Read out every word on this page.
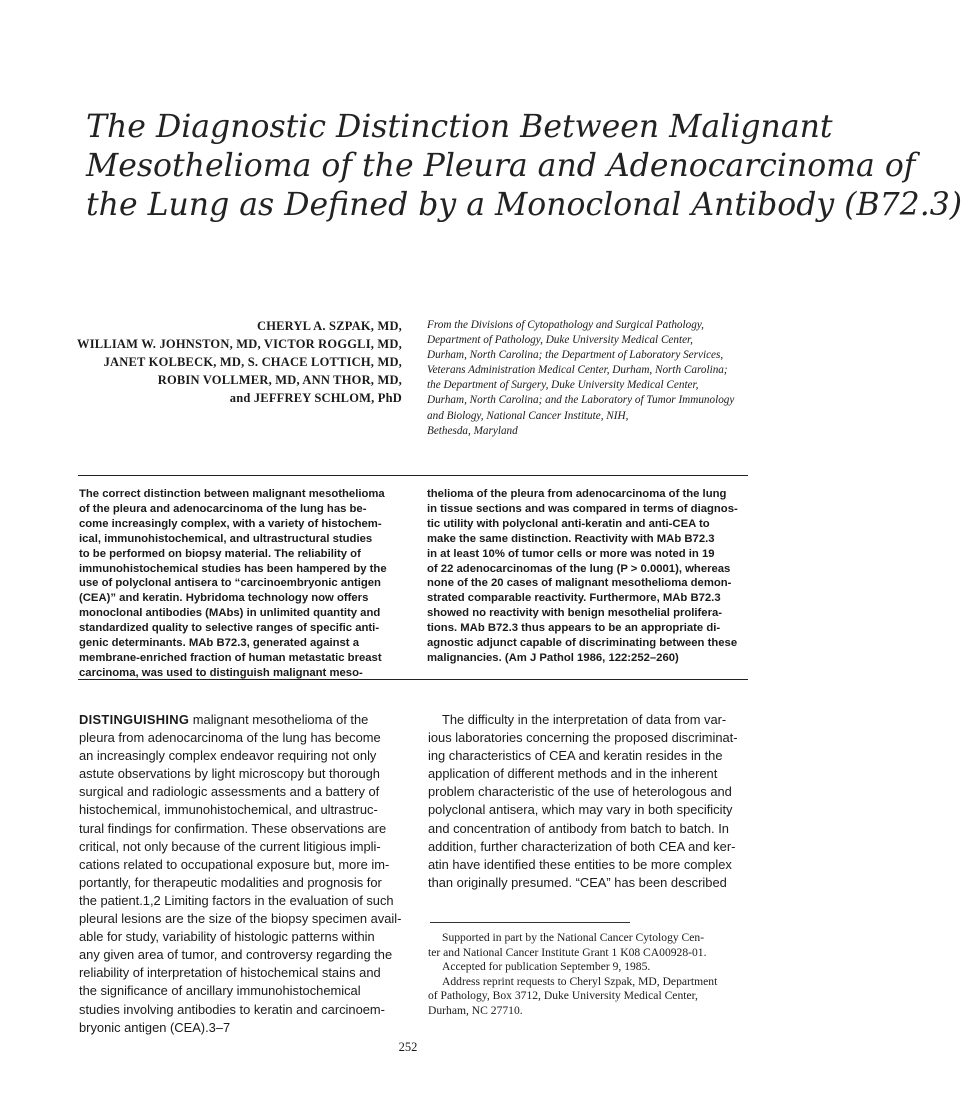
The Diagnostic Distinction Between Malignant
Mesothelioma of the Pleura and Adenocarcinoma of
the Lung as Defined by a Monoclonal Antibody (B72.3)
CHERYL A. SZPAK, MD,
WILLIAM W. JOHNSTON, MD, VICTOR ROGGLI, MD,
JANET KOLBECK, MD, S. CHACE LOTTICH, MD,
ROBIN VOLLMER, MD, ANN THOR, MD,
and JEFFREY SCHLOM, PhD
From the Divisions of Cytopathology and Surgical Pathology,
Department of Pathology, Duke University Medical Center,
Durham, North Carolina; the Department of Laboratory Services,
Veterans Administration Medical Center, Durham, North Carolina;
the Department of Surgery, Duke University Medical Center,
Durham, North Carolina; and the Laboratory of Tumor Immunology
and Biology, National Cancer Institute, NIH,
Bethesda, Maryland
The correct distinction between malignant mesothelioma
of the pleura and adenocarcinoma of the lung has be-
come increasingly complex, with a variety of histochem-
ical, immunohistochemical, and ultrastructural studies
to be performed on biopsy material. The reliability of
immunohistochemical studies has been hampered by the
use of polyclonal antisera to “carcinoembryonic antigen
(CEA)” and keratin. Hybridoma technology now offers
monoclonal antibodies (MAbs) in unlimited quantity and
standardized quality to selective ranges of specific anti-
genic determinants. MAb B72.3, generated against a
membrane-enriched fraction of human metastatic breast
carcinoma, was used to distinguish malignant meso-
thelioma of the pleura from adenocarcinoma of the lung
in tissue sections and was compared in terms of diagnos-
tic utility with polyclonal anti-keratin and anti-CEA to
make the same distinction. Reactivity with MAb B72.3
in at least 10% of tumor cells or more was noted in 19
of 22 adenocarcinomas of the lung (P > 0.0001), whereas
none of the 20 cases of malignant mesothelioma demon-
strated comparable reactivity. Furthermore, MAb B72.3
showed no reactivity with benign mesothelial prolifera-
tions. MAb B72.3 thus appears to be an appropriate di-
agnostic adjunct capable of discriminating between these
malignancies. (Am J Pathol 1986, 122:252–260)
DISTINGUISHING malignant mesothelioma of the
pleura from adenocarcinoma of the lung has become
an increasingly complex endeavor requiring not only
astute observations by light microscopy but thorough
surgical and radiologic assessments and a battery of
histochemical, immunohistochemical, and ultrastruc-
tural findings for confirmation. These observations are
critical, not only because of the current litigious impli-
cations related to occupational exposure but, more im-
portantly, for therapeutic modalities and prognosis for
the patient.1,2 Limiting factors in the evaluation of such
pleural lesions are the size of the biopsy specimen avail-
able for study, variability of histologic patterns within
any given area of tumor, and controversy regarding the
reliability of interpretation of histochemical stains and
the significance of ancillary immunohistochemical
studies involving antibodies to keratin and carcinoem-
bryonic antigen (CEA).3–7
The difficulty in the interpretation of data from var-
ious laboratories concerning the proposed discriminat-
ing characteristics of CEA and keratin resides in the
application of different methods and in the inherent
problem characteristic of the use of heterologous and
polyclonal antisera, which may vary in both specificity
and concentration of antibody from batch to batch. In
addition, further characterization of both CEA and ker-
atin have identified these entities to be more complex
than originally presumed. “CEA” has been described
Supported in part by the National Cancer Cytology Cen-
ter and National Cancer Institute Grant 1 K08 CA00928-01.
Accepted for publication September 9, 1985.
Address reprint requests to Cheryl Szpak, MD, Department
of Pathology, Box 3712, Duke University Medical Center,
Durham, NC 27710.
252
